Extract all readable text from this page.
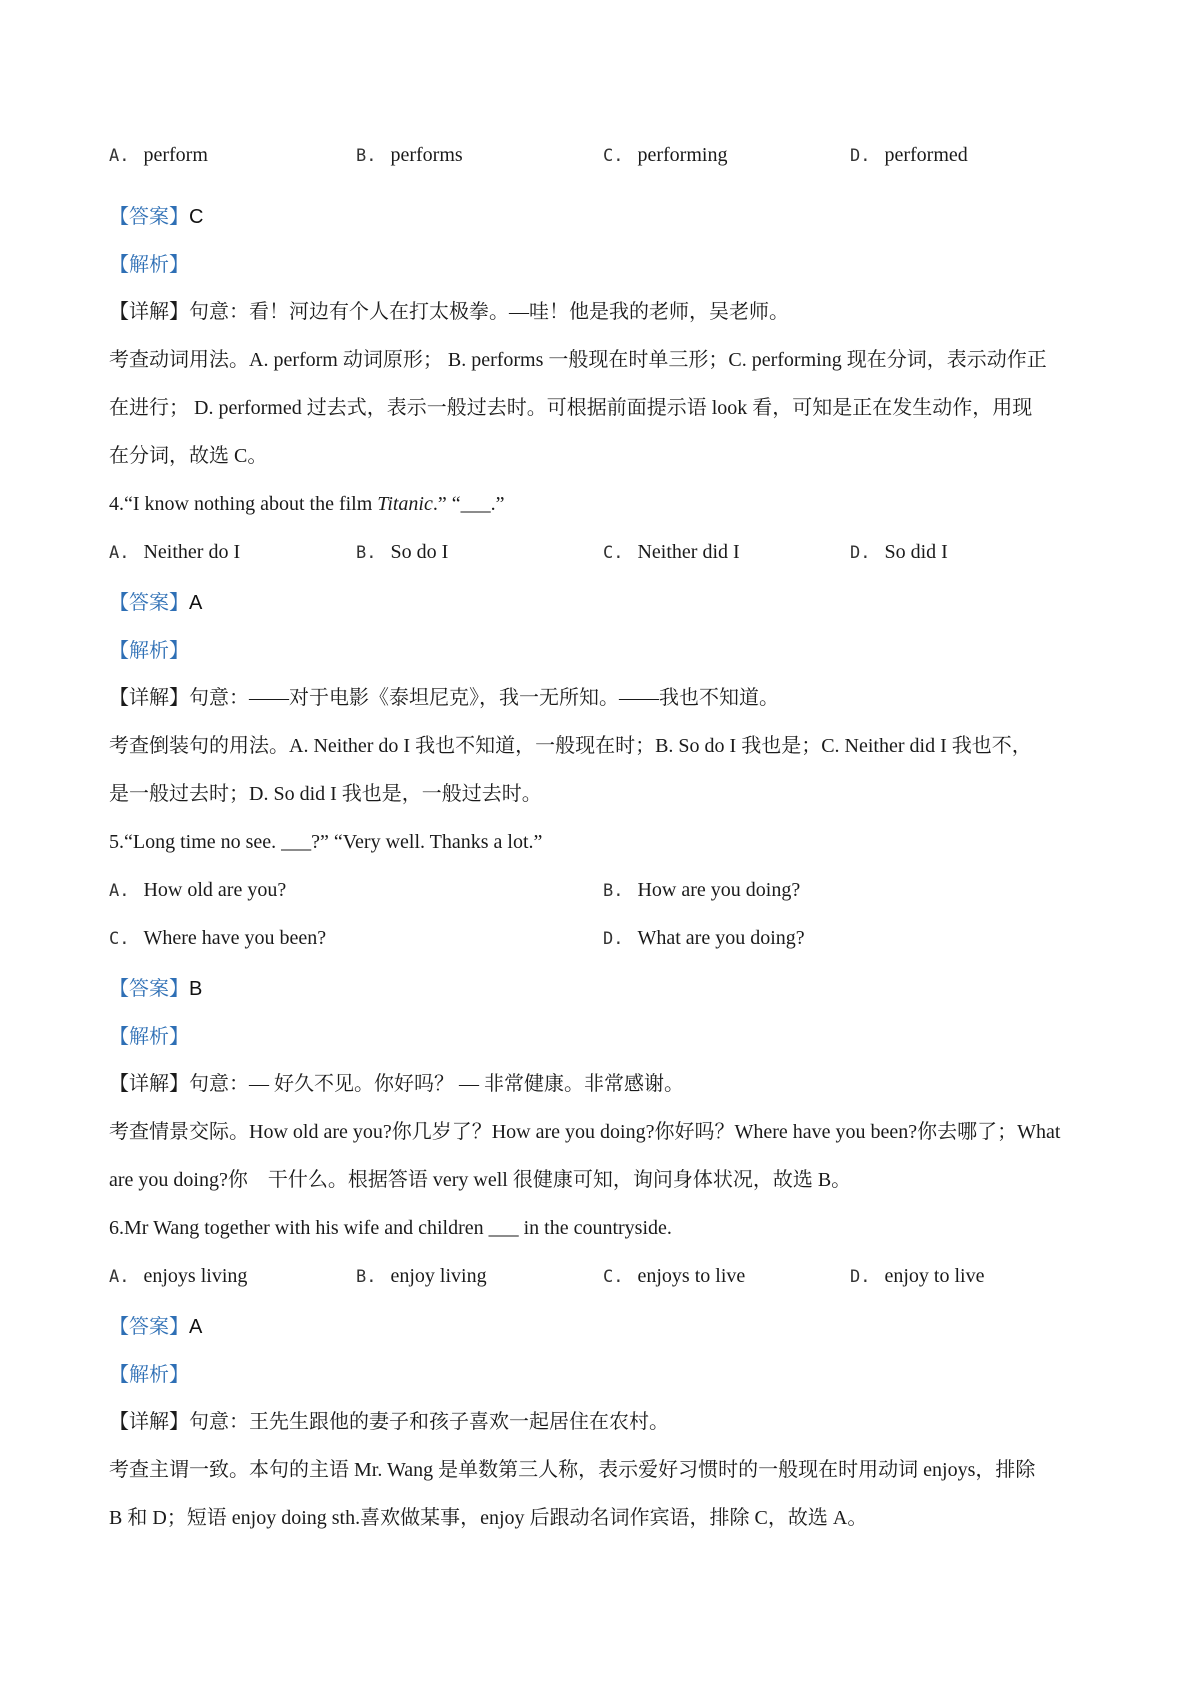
A. perform	B. performs	C. performing	D. performed
【答案】C
【解析】
【详解】句意：看！河边有个人在打太极拳。—哇！他是我的老师，吴老师。
考查动词用法。A. perform 动词原形； B. performs 一般现在时单三形；C. performing 现在分词，表示动作正
在进行； D. performed 过去式，表示一般过去时。可根据前面提示语 look 看，可知是正在发生动作，用现
在分词，故选 C。
4.“I know nothing about the film Titanic.” “___.”
A. Neither do I	B. So do I	C. Neither did I	D. So did I
【答案】A
【解析】
【详解】句意：——对于电影《泰坦尼克》，我一无所知。——我也不知道。
考查倒装句的用法。A. Neither do I 我也不知道，一般现在时；B. So do I 我也是；C. Neither did I 我也不，
是一般过去时；D. So did I 我也是，一般过去时。
5.“Long time no see. ___?” “Very well. Thanks a lot.”
A. How old are you?	B. How are you doing?
C. Where have you been?	D. What are you doing?
【答案】B
【解析】
【详解】句意：— 好久不见。你好吗？ — 非常健康。非常感谢。
考查情景交际。How old are you?你几岁了？How are you doing?你好吗？Where have you been?你去哪了；What
are you doing?你　干什么。根据答语 very well 很健康可知，询问身体状况，故选 B。
6.Mr Wang together with his wife and children ___ in the countryside.
A. enjoys living	B. enjoy living	C. enjoys to live	D. enjoy to live
【答案】A
【解析】
【详解】句意：王先生跟他的妻子和孩子喜欢一起居住在农村。
考查主谓一致。本句的主语 Mr. Wang 是单数第三人称，表示爱好习惯时的一般现在时用动词 enjoys，排除
B 和 D；短语 enjoy doing sth.喜欢做某事，enjoy 后跟动名词作宾语，排除 C，故选 A。
